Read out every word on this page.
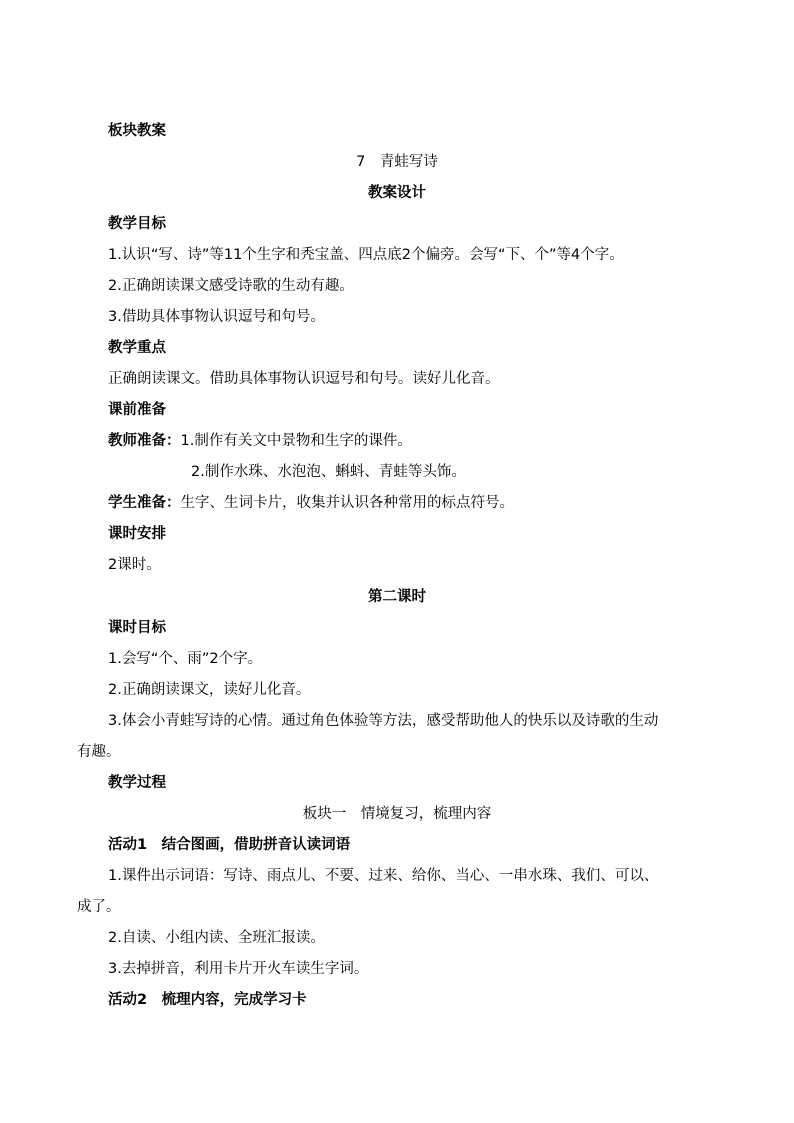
板块教案
7　青蛙写诗
教案设计
教学目标
1.认识“写、诗”等11个生字和秃宝盖、四点底2个偏旁。会写“下、个”等4个字。
2.正确朗读课文感受诗歌的生动有趣。
3.借助具体事物认识逗号和句号。
教学重点
正确朗读课文。借助具体事物认识逗号和句号。读好儿化音。
课前准备
教师准备：1.制作有关文中景物和生字的课件。
2.制作水珠、水泡泡、蝌蚪、青蛙等头饰。
学生准备：生字、生词卡片，收集并认识各种常用的标点符号。
课时安排
2课时。
第二课时
课时目标
1.会写“个、雨”2个字。
2.正确朗读课文，读好儿化音。
3.体会小青蛙写诗的心情。通过角色体验等方法，感受帮助他人的快乐以及诗歌的生动
有趣。
教学过程
板块一　情境复习，梳理内容
活动1　结合图画，借助拼音认读词语
1.课件出示词语：写诗、雨点儿、不要、过来、给你、当心、一串水珠、我们、可以、
成了。
2.自读、小组内读、全班汇报读。
3.去掉拼音，利用卡片开火车读生字词。
活动2　梳理内容，完成学习卡
